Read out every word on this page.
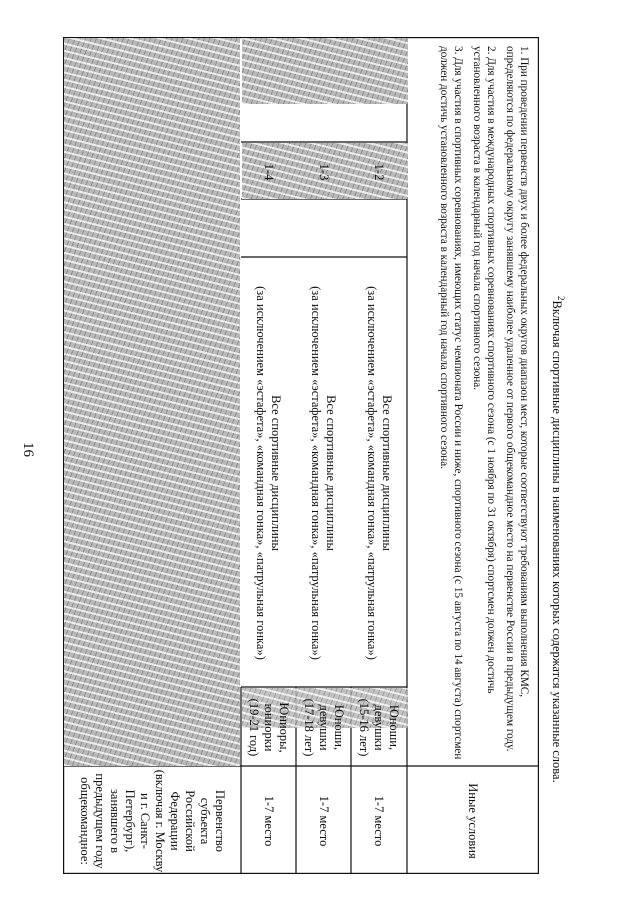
16
Первенство
субъекта
Российской
Федерации
(включая г. Москву
и г. Санкт-
Петербург),
занявшего в
предыдущем году
общекомандное:	1-7 место
Юниоры,
юниорки
(19-21 год)
Все спортивные дисциплины
(за исключением «эстафета», «командная гонка», «патрульная гонка»)
1-4
1-7 место
Юноши,
девушки
(17-18 лет)
Все спортивные дисциплины
(за исключением «эстафета», «командная гонка», «патрульная гонка»)
1-3
1-7 место
Юноши,
девушки
(15-16 лет)
Все спортивные дисциплины
(за исключением «эстафета», «командная гонка», «патрульная гонка»)
1-2
Иные условия

1. При проведении первенств двух и более федеральных округов диапазон мест, которые соответствуют требованиям выполнения КМС, определяются по федеральному округу занявшему наиболее удаленное от первого общекомандное место на первенстве России в предыдущем году.

2. Для участия в международных спортивных соревнованиях спортивного сезона (с 1 ноября по 31 октября) спортсмен должен достичь установленного возраста в календарный год начала спортивного сезона.

3. Для участия в спортивных соревнованиях, имеющих статус чемпионата России и ниже, спортивного сезона (с 15 августа по 14 августа) спортсмен должен достичь установленного возраста в календарный год начала спортивного сезона.	$^2$Включая спортивные дисциплины в наименованиях которых содержатся указанные слова.
